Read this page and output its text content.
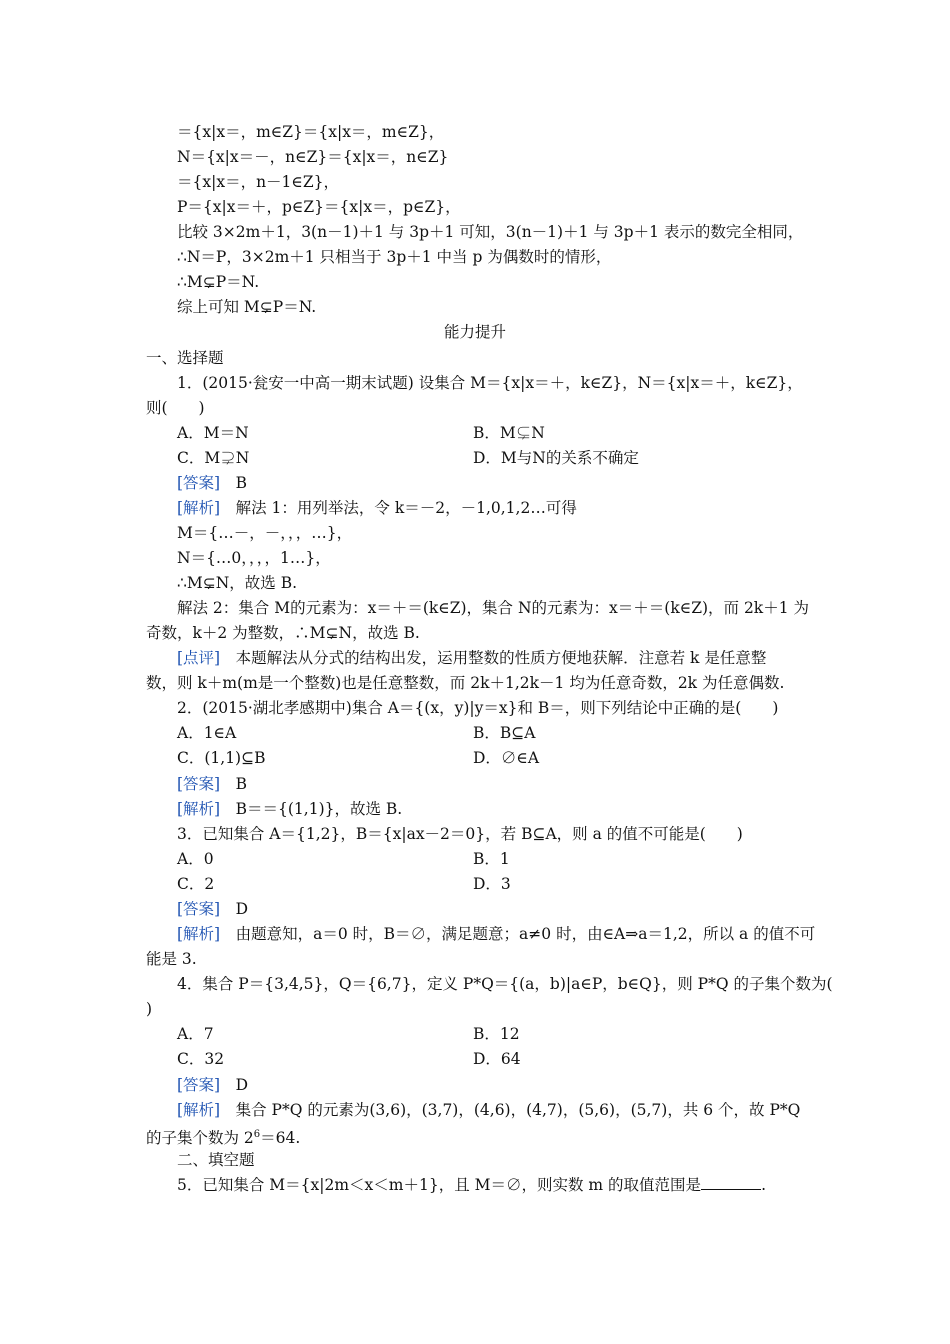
＝{x|x＝，m∈Z}＝{x|x＝，m∈Z}，
N＝{x|x＝－，n∈Z}＝{x|x＝，n∈Z}
＝{x|x＝，n－1∈Z}，
P＝{x|x＝＋，p∈Z}＝{x|x＝，p∈Z}，
比较 3×2m＋1，3(n－1)＋1 与 3p＋1 可知，3(n－1)＋1 与 3p＋1 表示的数完全相同，
∴N＝P，3×2m＋1 只相当于 3p＋1 中当 p 为偶数时的情形，
∴M⊊P＝N.
综上可知 M⊊P＝N.
能力提升
一、选择题
1．(2015·瓮安一中高一期末试题) 设集合 M＝{x|x＝＋，k∈Z}，N＝{x|x＝＋，k∈Z}，
则(　　)
A．M＝N	B．M⊊N
C．M⊋N	D．M与N的关系不确定
[答案]　 B
[解析]　 解法 1：用列举法，令 k＝－2，－1,0,1,2…可得
M＝{…－，－，，，…}，
N＝{…0，，，，1…}，
∴M⊊N，故选 B.
解法 2：集合 M的元素为：x＝＋＝(k∈Z)，集合 N的元素为：x＝＋＝(k∈Z)，而 2k＋1 为
奇数，k＋2 为整数，∴M⊊N，故选 B.
[点评]　 本题解法从分式的结构出发，运用整数的性质方便地获解．注意若 k 是任意整
数，则 k＋m(m是一个整数)也是任意整数，而 2k＋1,2k－1 均为任意奇数，2k 为任意偶数.
2．(2015·湖北孝感期中)集合 A＝{(x，y)|y＝x}和 B＝，则下列结论中正确的是(　　)
A．1∈A	B．B⊆A
C．(1,1)⊆B	D．∅∈A
[答案]　 B
[解析]　 B＝＝{(1,1)}，故选 B.
3．已知集合 A＝{1,2}，B＝{x|ax－2＝0}，若 B⊆A，则 a 的值不可能是(　　)
A．0	B．1
C．2	D．3
[答案]　 D
[解析]　 由题意知，a＝0 时，B＝∅，满足题意；a≠0 时，由∈A⇒a＝1,2，所以 a 的值不可
能是 3.
4．集合 P＝{3,4,5}，Q＝{6,7}，定义 P*Q＝{(a，b)|a∈P，b∈Q}，则 P*Q 的子集个数为(
)
A．7	B．12
C．32	D．64
[答案]　 D
[解析]　 集合 P*Q 的元素为(3,6)，(3,7)，(4,6)，(4,7)，(5,6)，(5,7)，共 6 个，故 P*Q
的子集个数为 $2^6=64$.
二、填空题
5．已知集合 M＝{x|2m＜x＜m＋1}，且 M＝∅，则实数 m 的取值范围是	.
